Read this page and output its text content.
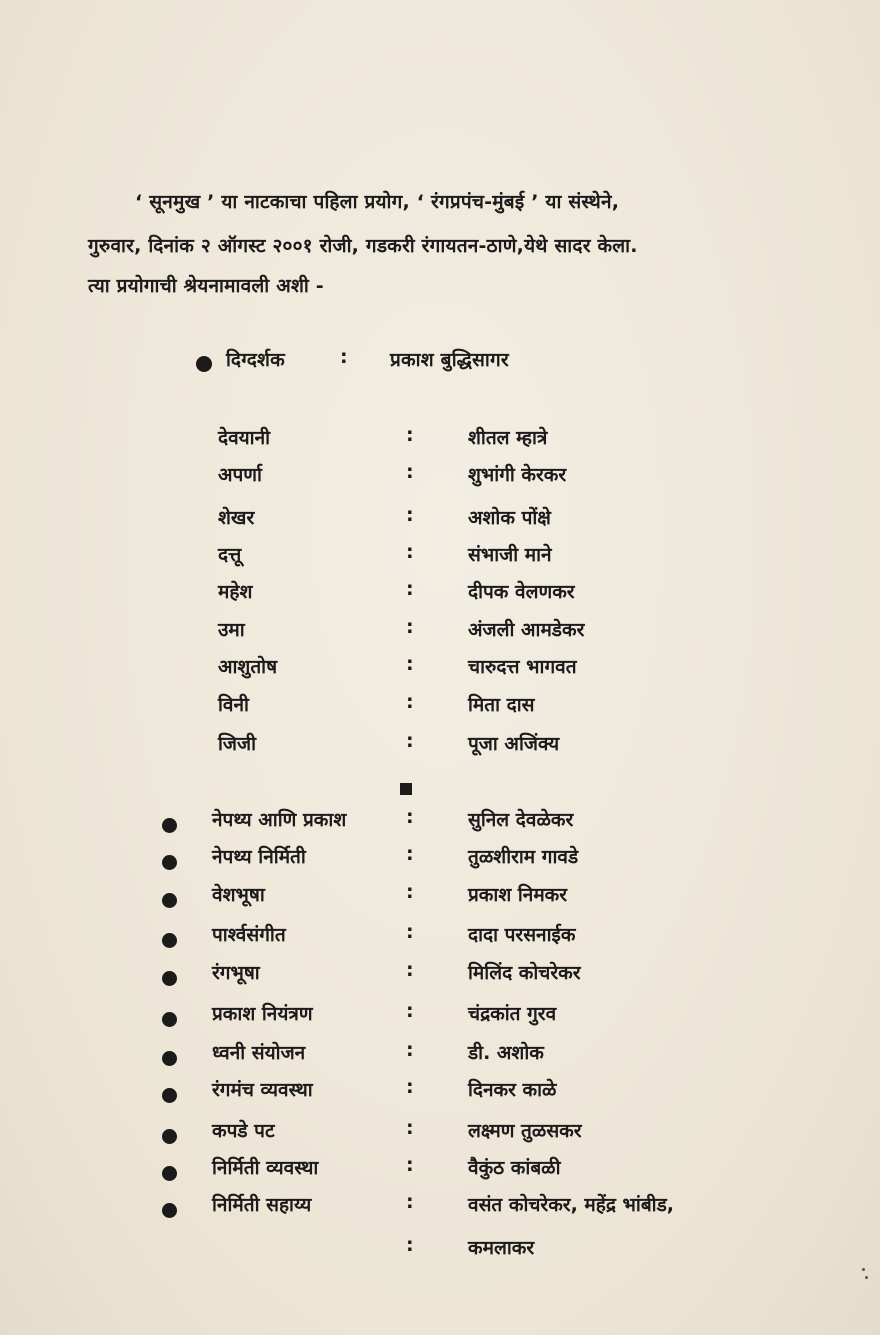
‘ सूनमुख ’ या नाटकाचा पहिला प्रयोग, ‘ रंगप्रपंच-मुंबई ’ या संस्थेने,
गुरुवार, दिनांक २ ऑगस्ट २००१ रोजी, गडकरी रंगायतन-ठाणे,येथे सादर केला.
त्या प्रयोगाची श्रेयनामावली अशी -
दिग्दर्शक	: प्रकाश बुद्धिसागर
देवयानी	:	शीतल म्हात्रे
अपर्णा	:	शुभांगी केरकर
शेखर	:	अशोक पोंक्षे
दत्तू	:	संभाजी माने
महेश	:	दीपक वेलणकर
उमा	:	अंजली आमडेकर
आशुतोष	:	चारुदत्त भागवत
विनी	:	मिता दास
जिजी	:	पूजा अजिंक्य
नेपथ्य आणि प्रकाश	:	सुनिल देवळेकर
नेपथ्य निर्मिती	:	तुळशीराम गावडे
वेशभूषा	:	प्रकाश निमकर
पार्श्वसंगीत	:	दादा परसनाईक
रंगभूषा	:	मिलिंद कोचरेकर
प्रकाश नियंत्रण	:	चंद्रकांत गुरव
ध्वनी संयोजन	:	डी. अशोक
रंगमंच व्यवस्था	:	दिनकर काळे
कपडे पट	:	लक्ष्मण तुळसकर
निर्मिती व्यवस्था	:	वैकुंठ कांबळी
निर्मिती सहाय्य	:	वसंत कोचरेकर, महेंद्र भांबीड,
:	कमलाकर
